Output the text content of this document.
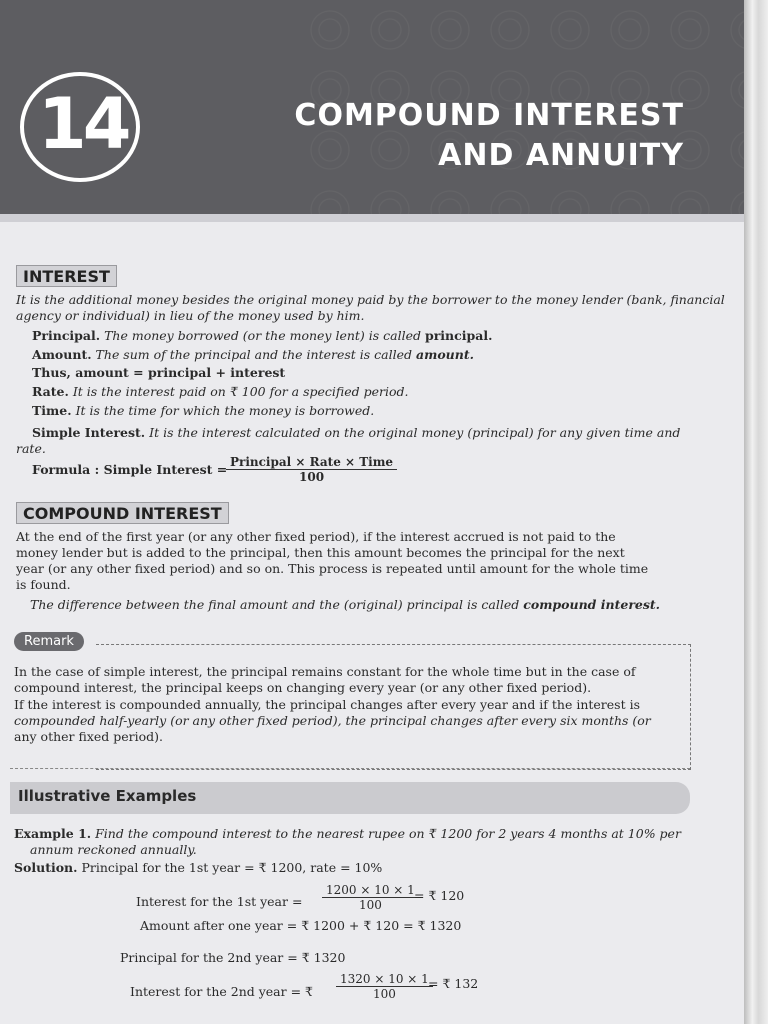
14	COMPOUND INTEREST
AND ANNUITY
INTEREST
It is the additional money besides the original money paid by the borrower to the money lender (bank, financial
agency or individual) in lieu of the money used by him.
Principal. The money borrowed (or the money lent) is called principal.
Amount. The sum of the principal and the interest is called amount.
Thus, amount = principal + interest
Rate. It is the interest paid on ₹ 100 for a specified period.
Time. It is the time for which the money is borrowed.
Simple Interest. It is the interest calculated on the original money (principal) for any given time and
rate.
Formula : Simple Interest = Principal × Rate × Time
100
COMPOUND INTEREST
At the end of the first year (or any other fixed period), if the interest accrued is not paid to the
money lender but is added to the principal, then this amount becomes the principal for the next
year (or any other fixed period) and so on. This process is repeated until amount for the whole time
is found.
The difference between the final amount and the (original) principal is called compound interest.
Remark
In the case of simple interest, the principal remains constant for the whole time but in the case of
compound interest, the principal keeps on changing every year (or any other fixed period).
If the interest is compounded annually, the principal changes after every year and if the interest is
compounded half-yearly (or any other fixed period), the principal changes after every six months (or
any other fixed period).
Illustrative Examples
Example 1. Find the compound interest to the nearest rupee on ₹ 1200 for 2 years 4 months at 10% per
annum reckoned annually.
Solution. Principal for the 1st year = ₹ 1200, rate = 10%
Interest for the 1st year = $\frac{1200 \times 10 \times 1}{100}$
= ₹ 120
Amount after one year = ₹ 1200 + ₹ 120 = ₹ 1320
Principal for the 2nd year = ₹ 1320
Interest for the 2nd year = ₹ $\frac{1320 \times 10 \times 1}{100}$
= ₹ 132
